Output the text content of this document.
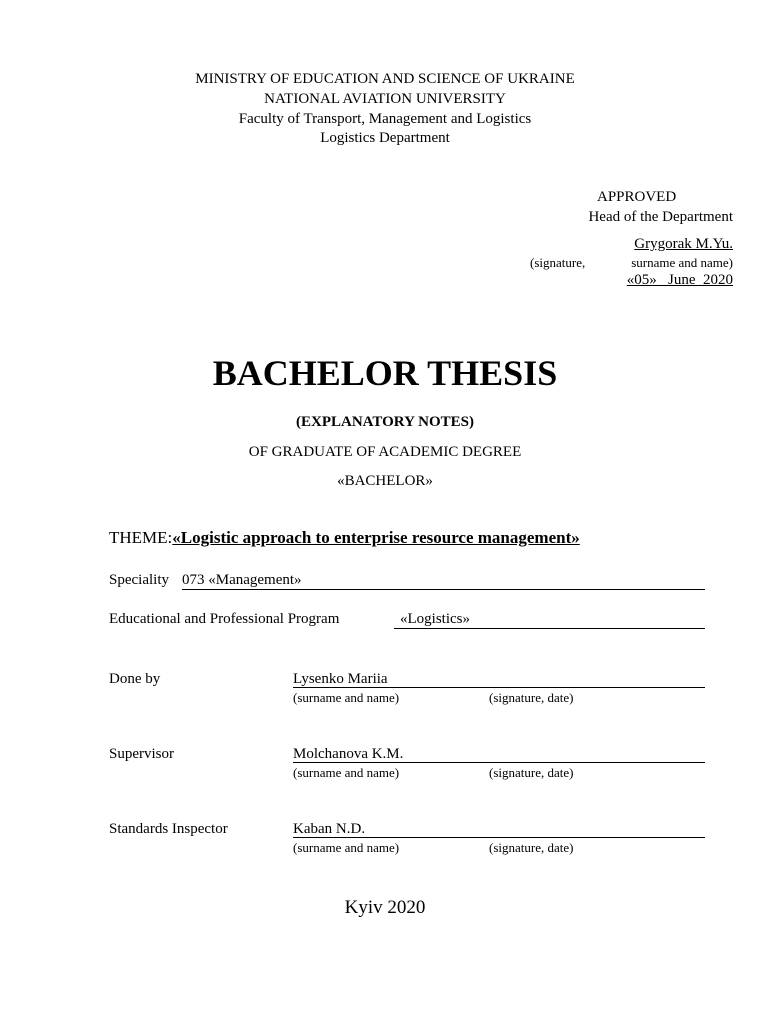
MINISTRY OF EDUCATION AND SCIENCE OF UKRAINE
NATIONAL AVIATION UNIVERSITY
Faculty of Transport, Management and Logistics
Logistics Department
APPROVED
Head of the Department
Grygorak M.Yu.
(signature,	surname and name)
«05»   June  2020
BACHELOR THESIS
(EXPLANATORY NOTES)
OF GRADUATE OF ACADEMIC DEGREE
«BACHELOR»
THEME:«Logistic approach to enterprise resource management»
Speciality 073 «Management»
Educational and Professional Program	«Logistics»
Done by	Lysenko Mariia
(surname and name)	(signature, date)
Supervisor	Molchanova K.M.
(surname and name)	(signature, date)
Standards Inspector	Kaban N.D.
(surname and name)	(signature, date)
Kyiv 2020
